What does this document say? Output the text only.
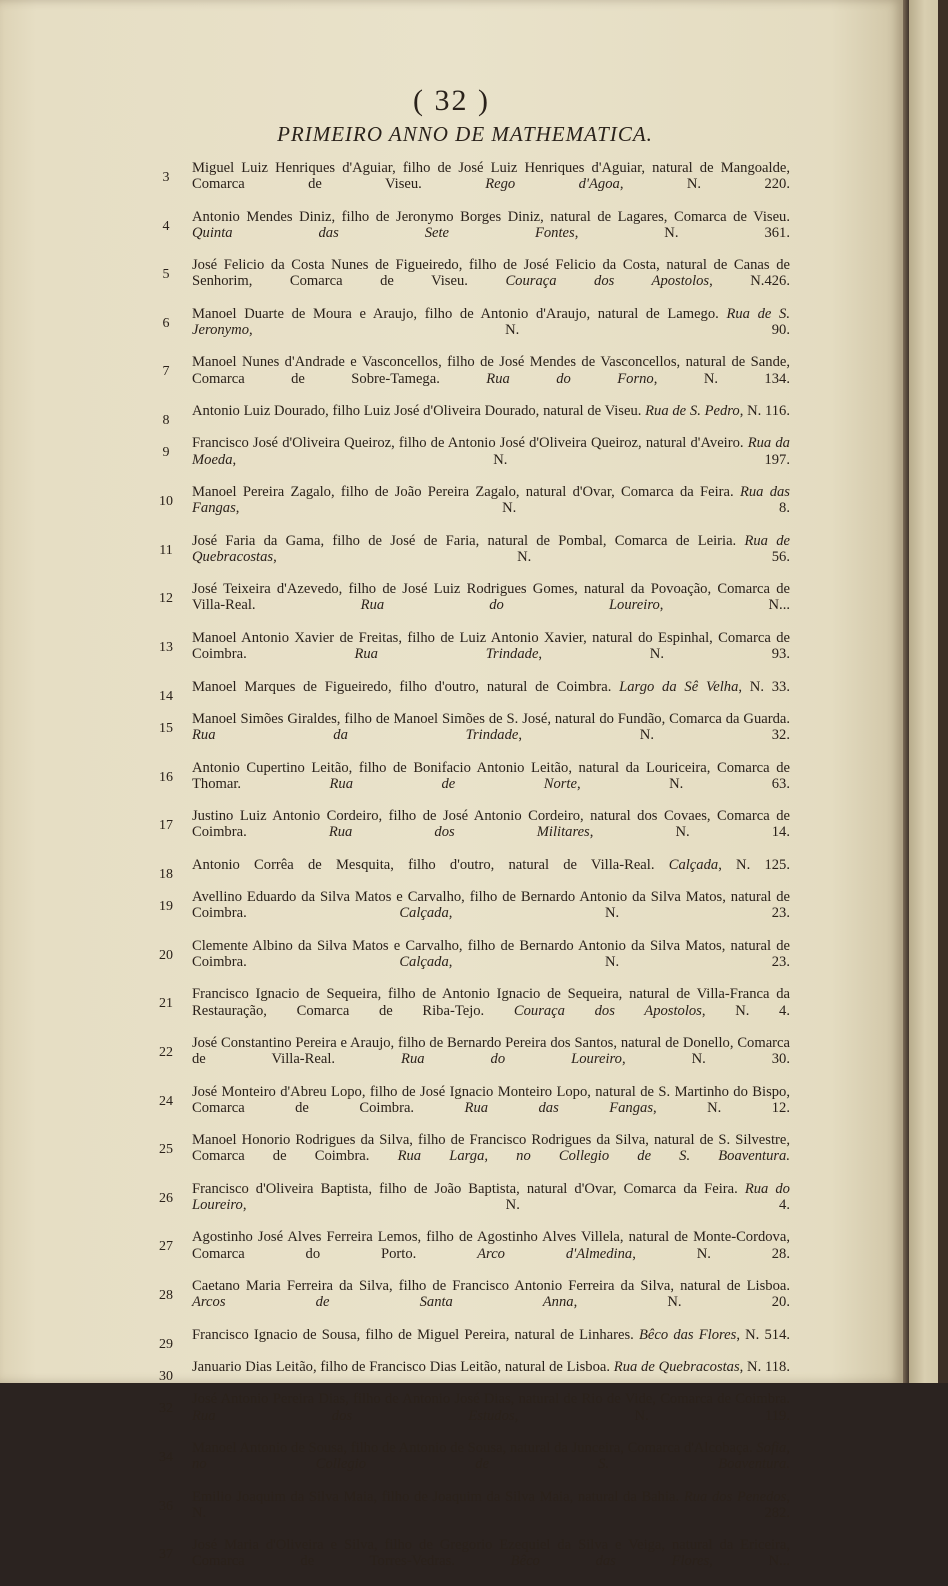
( 32 )
PRIMEIRO ANNO DE MATHEMATICA.
3
Miguel Luiz Henriques d'Aguiar, filho de José Luiz Henriques d'Aguiar, natural de Mangoalde, Comarca de Viseu.	Rego d'Agoa, N. 220.
4
Antonio Mendes Diniz, filho de Jeronymo Borges Diniz, natural de Lagares, Comarca de Viseu. Quinta das Sete Fontes, N. 361.
5
José Felicio da Costa Nunes de Figueiredo, filho de José Felicio da Costa, natural de Canas de Senhorim, Comarca de Viseu.	Couraça dos Apostolos, N.426.
6
Manoel Duarte de Moura e Araujo, filho de Antonio d'Araujo, natural de Lamego. Rua de S. Jeronymo, N. 90.
7
Manoel Nunes d'Andrade e Vasconcellos, filho de José Mendes de Vasconcellos, natural de Sande, Comarca de Sobre-Tamega.	Rua do Forno, N. 134.
8
Antonio Luiz Dourado, filho Luiz José d'Oliveira Dourado, natural de Viseu. Rua de S. Pedro, N. 116.
9
Francisco José d'Oliveira Queiroz, filho de Antonio José d'Oliveira Queiroz, natural d'Aveiro. Rua da Moeda, N. 197.
10
Manoel Pereira Zagalo, filho de João Pereira Zagalo, natural d'Ovar, Comarca da Feira. Rua das Fangas, N. 8.
11
José Faria da Gama, filho de José de Faria, natural de Pombal, Comarca de Leiria. Rua de Quebracostas, N. 56.
12
José Teixeira d'Azevedo, filho de José Luiz Rodrigues Gomes, natural da Povoação, Comarca de Villa-Real.	Rua do Loureiro, N...
13
Manoel Antonio Xavier de Freitas, filho de Luiz Antonio Xavier, natural do Espinhal, Comarca de Coimbra.	Rua Trindade, N. 93.
14
Manoel Marques de Figueiredo, filho d'outro, natural de Coimbra. Largo da Sê Velha, N. 33.
15
Manoel Simões Giraldes, filho de Manoel Simões de S. José, natural do Fundão, Comarca da Guarda. Rua da Trindade, N. 32.
16
Antonio Cupertino Leitão, filho de Bonifacio Antonio Leitão, natural da Louriceira, Comarca de Thomar.	Rua de Norte, N. 63.
17
Justino Luiz Antonio Cordeiro, filho de José Antonio Cordeiro, natural dos Covaes, Comarca de Coimbra.	Rua dos Militares, N. 14.
18
Antonio Corrêa de Mesquita, filho d'outro, natural de Villa-Real. Calçada, N. 125.
19
Avellino Eduardo da Silva Matos e Carvalho, filho de Bernardo Antonio da Silva Matos, natural de Coimbra.	Calçada, N. 23.
20
Clemente Albino da Silva Matos e Carvalho, filho de Bernardo Antonio da Silva Matos, natural de Coimbra.	Calçada, N. 23.
21
Francisco Ignacio de Sequeira, filho de Antonio Ignacio de Sequeira, natural de Villa-Franca da Restauração, Comarca de Riba-Tejo. Couraça dos Apostolos, N. 4.
22
José Constantino Pereira e Araujo, filho de Bernardo Pereira dos Santos, natural de Donello, Comarca de Villa-Real.	Rua do Loureiro, N. 30.
24
José Monteiro d'Abreu Lopo, filho de José Ignacio Monteiro Lopo, natural de S. Martinho do Bispo, Comarca de Coimbra.	Rua das Fangas, N. 12.
25
Manoel Honorio Rodrigues da Silva, filho de Francisco Rodrigues da Silva, natural de S. Silvestre, Comarca de Coimbra. Rua Larga, no Collegio de S. Boaventura.
26
Francisco d'Oliveira Baptista, filho de João Baptista, natural d'Ovar, Comarca da Feira. Rua do Loureiro, N. 4.
27
Agostinho José Alves Ferreira Lemos, filho de Agostinho Alves Villela, natural de Monte-Cordova, Comarca do Porto.	Arco d'Almedina, N. 28.
28
Caetano Maria Ferreira da Silva, filho de Francisco Antonio Ferreira da Silva, natural de Lisboa. Arcos de Santa Anna, N. 20.
29
Francisco Ignacio de Sousa, filho de Miguel Pereira, natural de Linhares. Bêco das Flores, N. 514.
30
Januario Dias Leitão, filho de Francisco Dias Leitão, natural de Lisboa. Rua de Quebracostas, N. 118.
32
José Antonio Pereira Dias, filho de Antonio José Dias, natural de Rio de Vide, Comarca de Coimbra. Rua dos Estudos, N. 119.
34
Manoel Antonio de Sousa, filho de Antonio de Sousa, natural da Junceira, Comarca d'Alcobaça. Sofia, no Collegio de S. Boaventura.
36
Emilio Joaquim da Silva Maia, filho de Joaquim da Silva Maia, natural da Bahia. Rua dos Penedos, N. 282.
37
José Maria d'Oliveira e Silva, filho de Gregorio Ezequiel da Silva e Veiga, natural da Ericeira, Comarca de Torres-Vedras.	Bêco das Flores, N...
